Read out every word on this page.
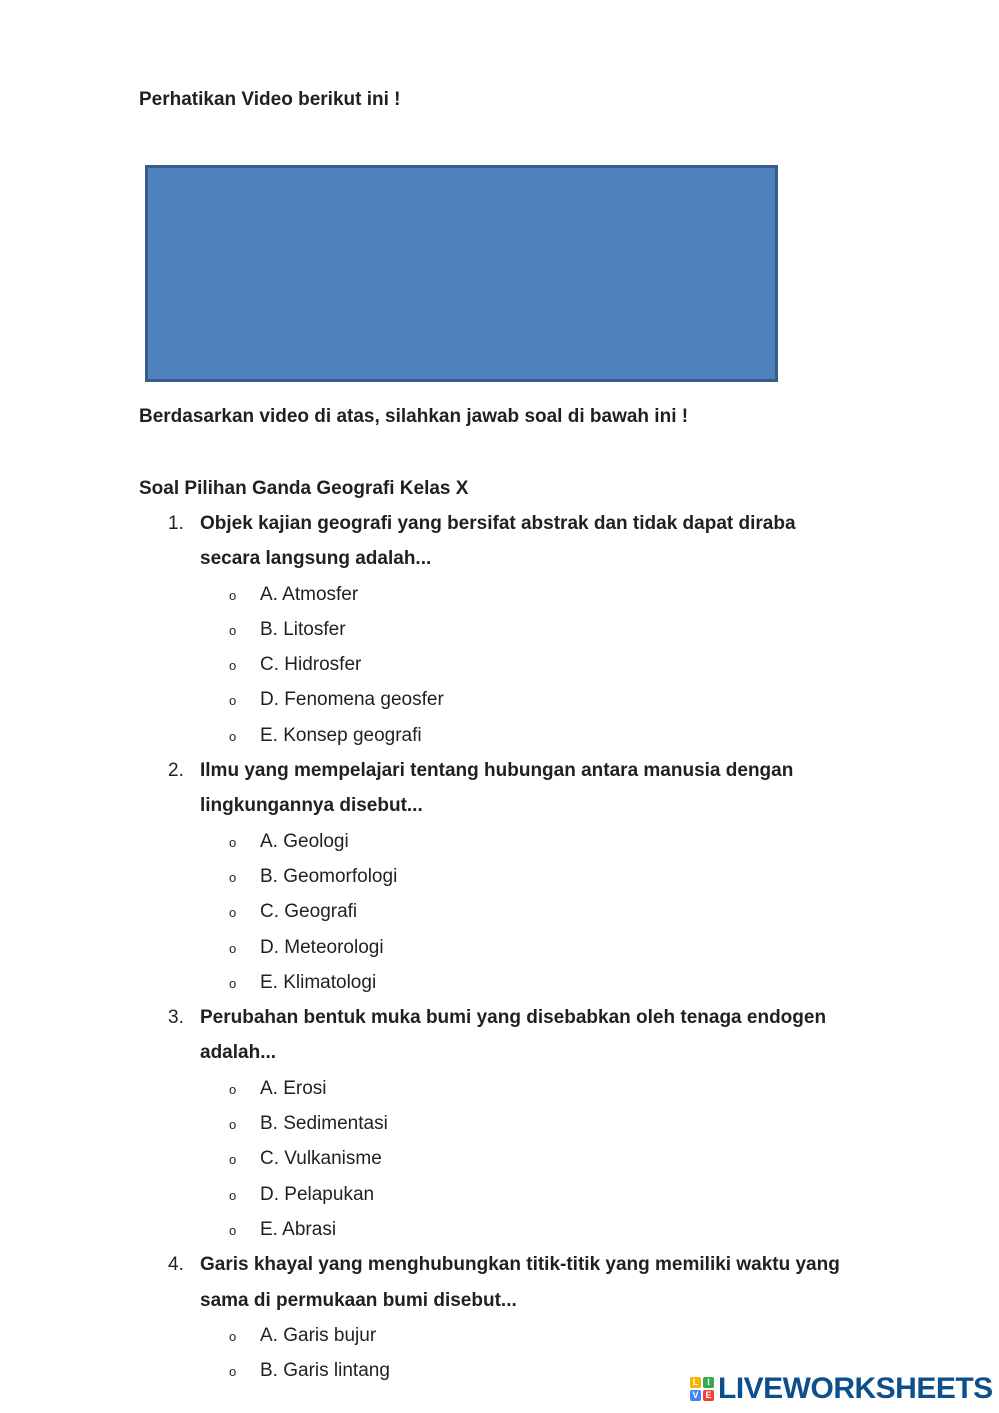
Perhatikan Video berikut ini !
Berdasarkan video di atas, silahkan jawab soal di bawah ini !
Soal Pilihan Ganda Geografi Kelas X
1. Objek kajian geografi yang bersifat abstrak dan tidak dapat diraba secara langsung adalah...
o A. Atmosfer
o B. Litosfer
o C. Hidrosfer
o D. Fenomena geosfer
o E. Konsep geografi
2. Ilmu yang mempelajari tentang hubungan antara manusia dengan lingkungannya disebut...
o A. Geologi
o B. Geomorfologi
o C. Geografi
o D. Meteorologi
o E. Klimatologi
3. Perubahan bentuk muka bumi yang disebabkan oleh tenaga endogen adalah...
o A. Erosi
o B. Sedimentasi
o C. Vulkanisme
o D. Pelapukan
o E. Abrasi
4. Garis khayal yang menghubungkan titik-titik yang memiliki waktu yang sama di permukaan bumi disebut...
o A. Garis bujur
o B. Garis lintang
L I
V E LIVEWORKSHEETS
